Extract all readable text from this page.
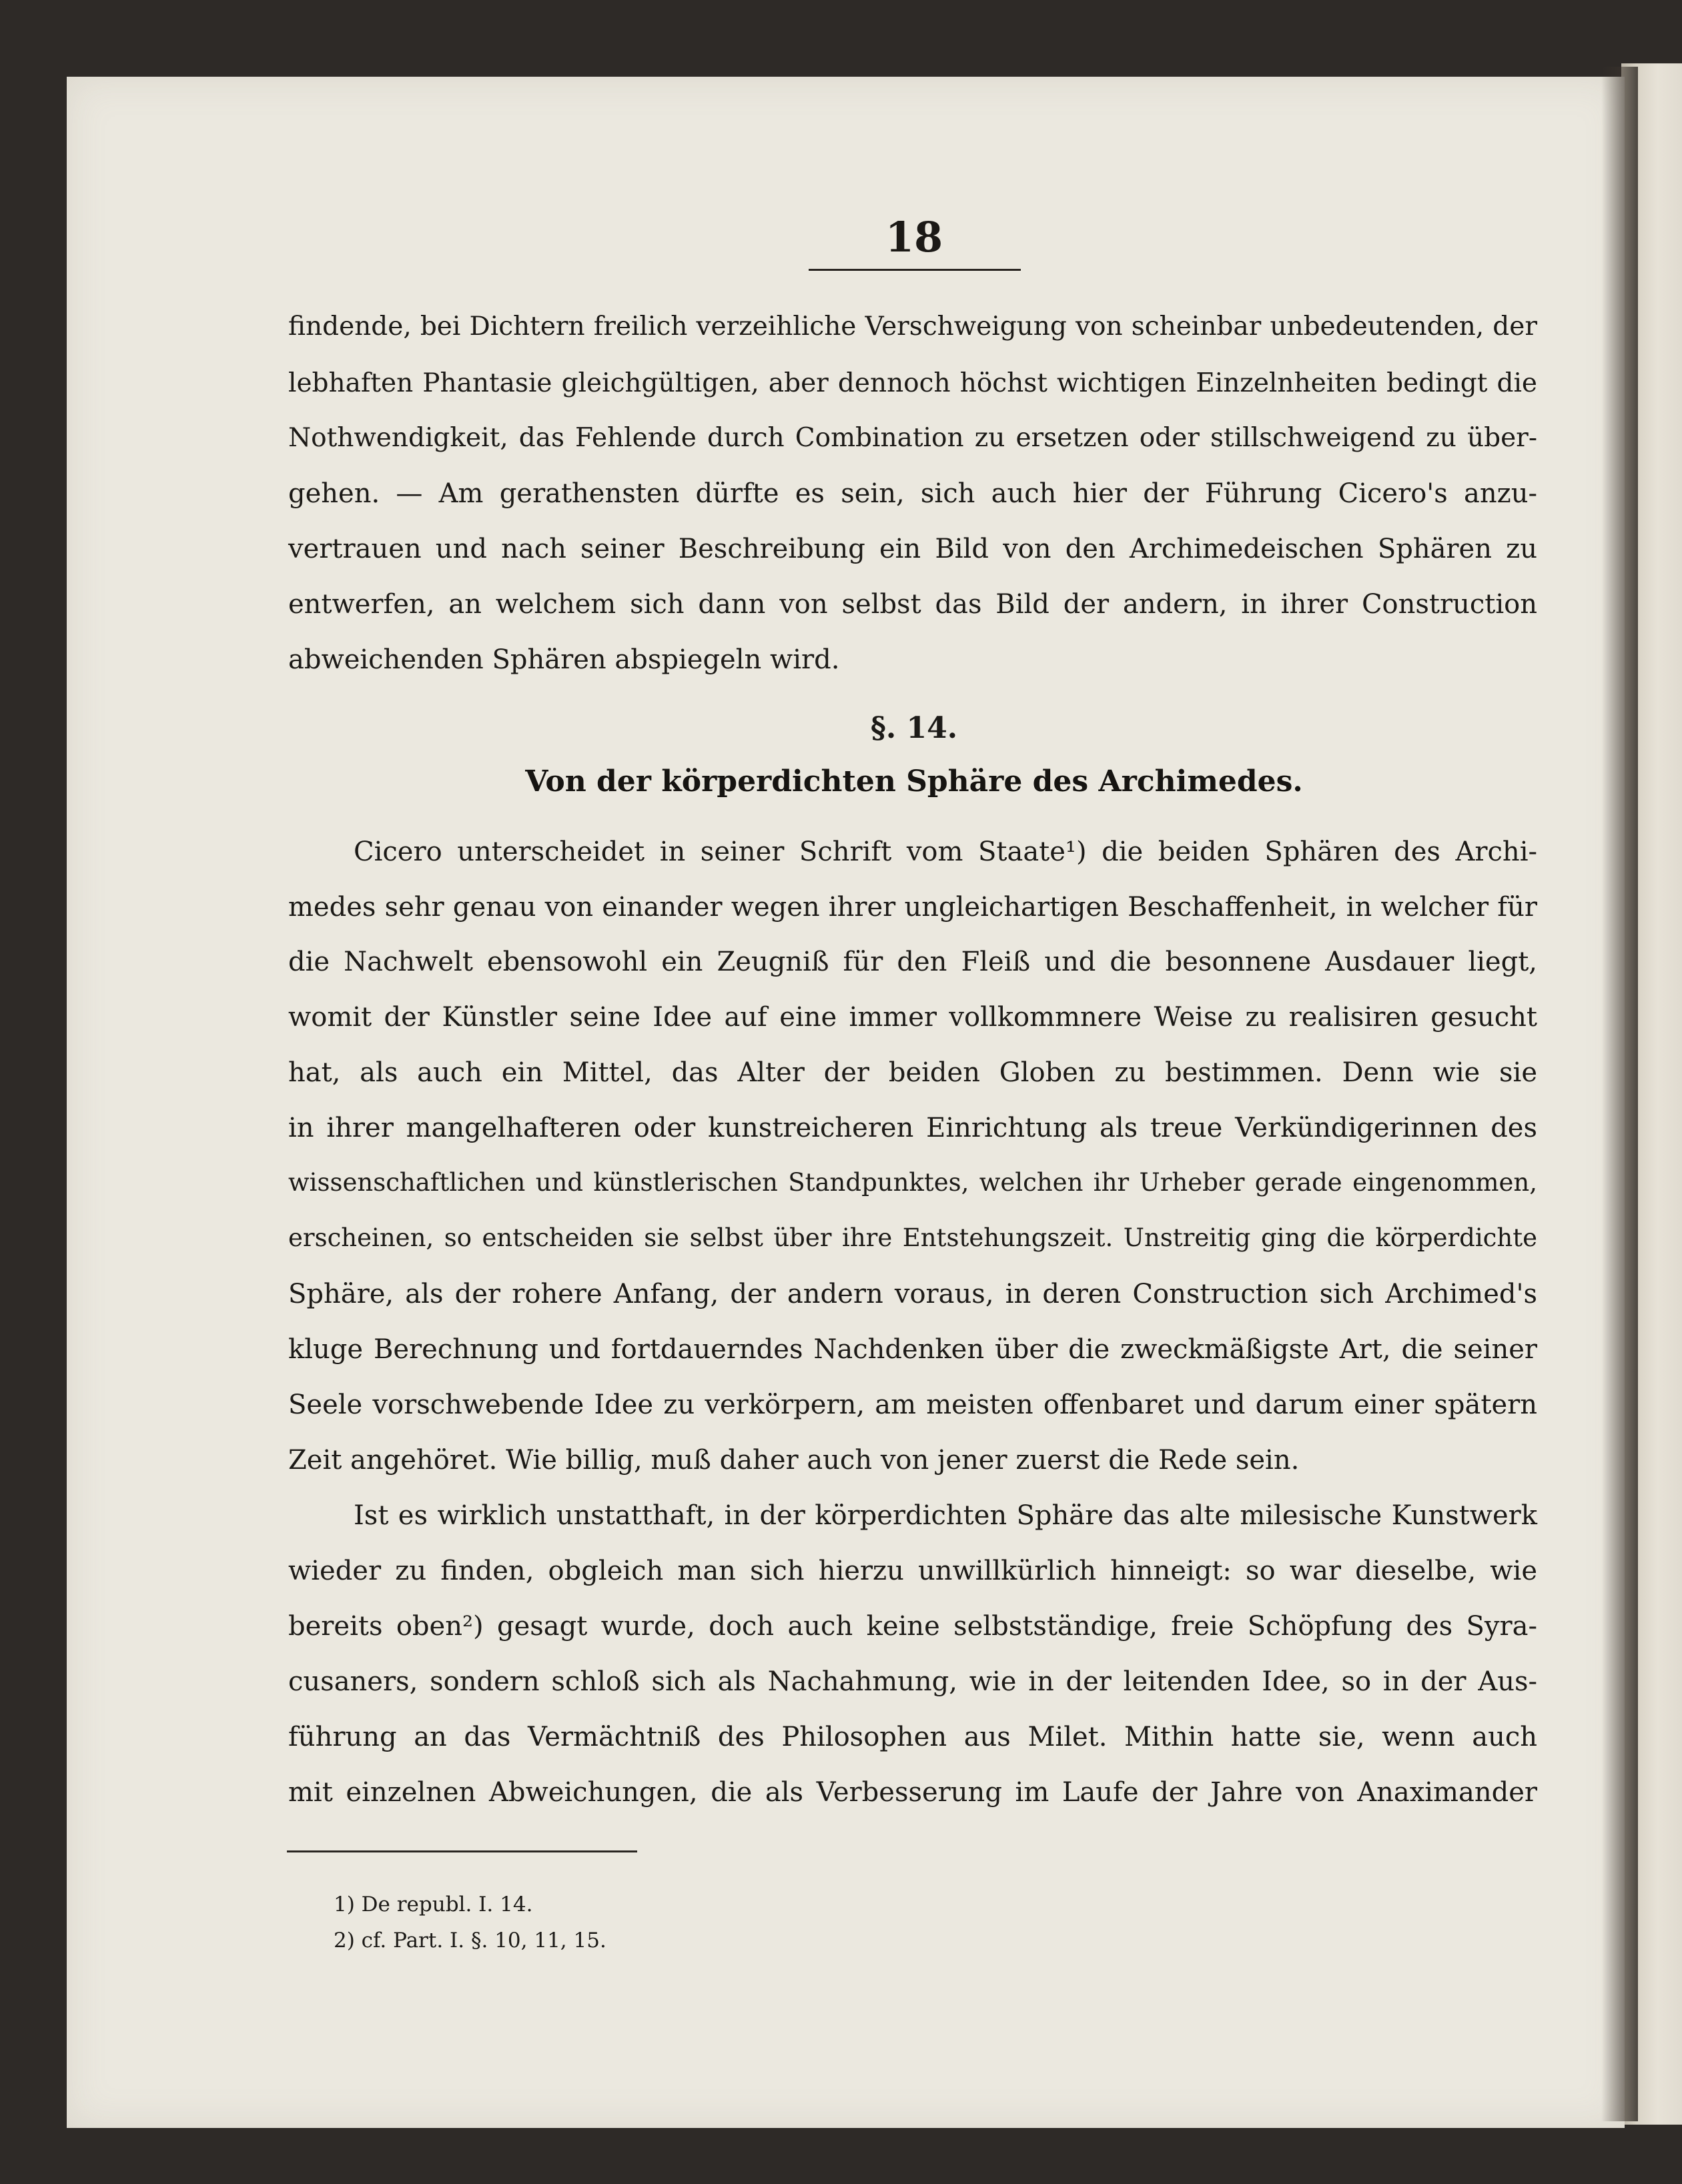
18
findende, bei Dichtern freilich verzeihliche Verschweigung von scheinbar unbedeutenden, der
lebhaften Phantasie gleichgültigen, aber dennoch höchst wichtigen Einzelnheiten bedingt die
Nothwendigkeit, das Fehlende durch Combination zu ersetzen oder stillschweigend zu über-
gehen. — Am gerathensten dürfte es sein, sich auch hier der Führung Cicero's anzu-
vertrauen und nach seiner Beschreibung ein Bild von den Archimedeischen Sphären zu
entwerfen, an welchem sich dann von selbst das Bild der andern, in ihrer Construction
abweichenden Sphären abspiegeln wird.
§. 14.
Von der körperdichten Sphäre des Archimedes.
Cicero unterscheidet in seiner Schrift vom Staate¹) die beiden Sphären des Archi-
medes sehr genau von einander wegen ihrer ungleichartigen Beschaffenheit, in welcher für
die Nachwelt ebensowohl ein Zeugniß für den Fleiß und die besonnene Ausdauer liegt,
womit der Künstler seine Idee auf eine immer vollkommnere Weise zu realisiren gesucht
hat, als auch ein Mittel, das Alter der beiden Globen zu bestimmen. Denn wie sie
in ihrer mangelhafteren oder kunstreicheren Einrichtung als treue Verkündigerinnen des
wissenschaftlichen und künstlerischen Standpunktes, welchen ihr Urheber gerade eingenommen,
erscheinen, so entscheiden sie selbst über ihre Entstehungszeit. Unstreitig ging die körperdichte
Sphäre, als der rohere Anfang, der andern voraus, in deren Construction sich Archimed's
kluge Berechnung und fortdauerndes Nachdenken über die zweckmäßigste Art, die seiner
Seele vorschwebende Idee zu verkörpern, am meisten offenbaret und darum einer spätern
Zeit angehöret. Wie billig, muß daher auch von jener zuerst die Rede sein.
Ist es wirklich unstatthaft, in der körperdichten Sphäre das alte milesische Kunstwerk
wieder zu finden, obgleich man sich hierzu unwillkürlich hinneigt: so war dieselbe, wie
bereits oben²) gesagt wurde, doch auch keine selbstständige, freie Schöpfung des Syra-
cusaners, sondern schloß sich als Nachahmung, wie in der leitenden Idee, so in der Aus-
führung an das Vermächtniß des Philosophen aus Milet. Mithin hatte sie, wenn auch
mit einzelnen Abweichungen, die als Verbesserung im Laufe der Jahre von Anaximander
1) De republ. I. 14.
2) cf. Part. I. §. 10, 11, 15.
